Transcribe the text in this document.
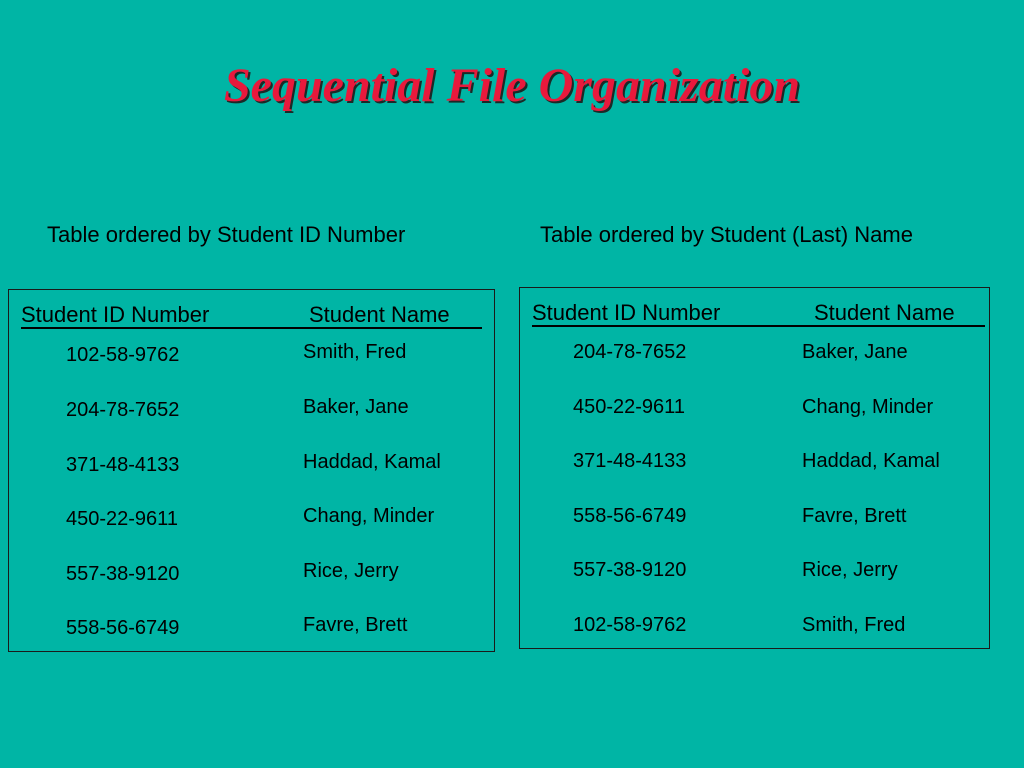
Sequential File Organization
Table ordered by Student ID Number	Table ordered by Student (Last) Name
Student ID Number	Student Name
102-58-9762	Smith, Fred
204-78-7652	Baker, Jane
371-48-4133	Haddad, Kamal
450-22-9611	Chang, Minder
557-38-9120	Rice, Jerry
558-56-6749	Favre, Brett
Student ID Number	Student Name
204-78-7652	Baker, Jane
450-22-9611	Chang, Minder
371-48-4133	Haddad, Kamal
558-56-6749	Favre, Brett
557-38-9120	Rice, Jerry
102-58-9762	Smith, Fred
